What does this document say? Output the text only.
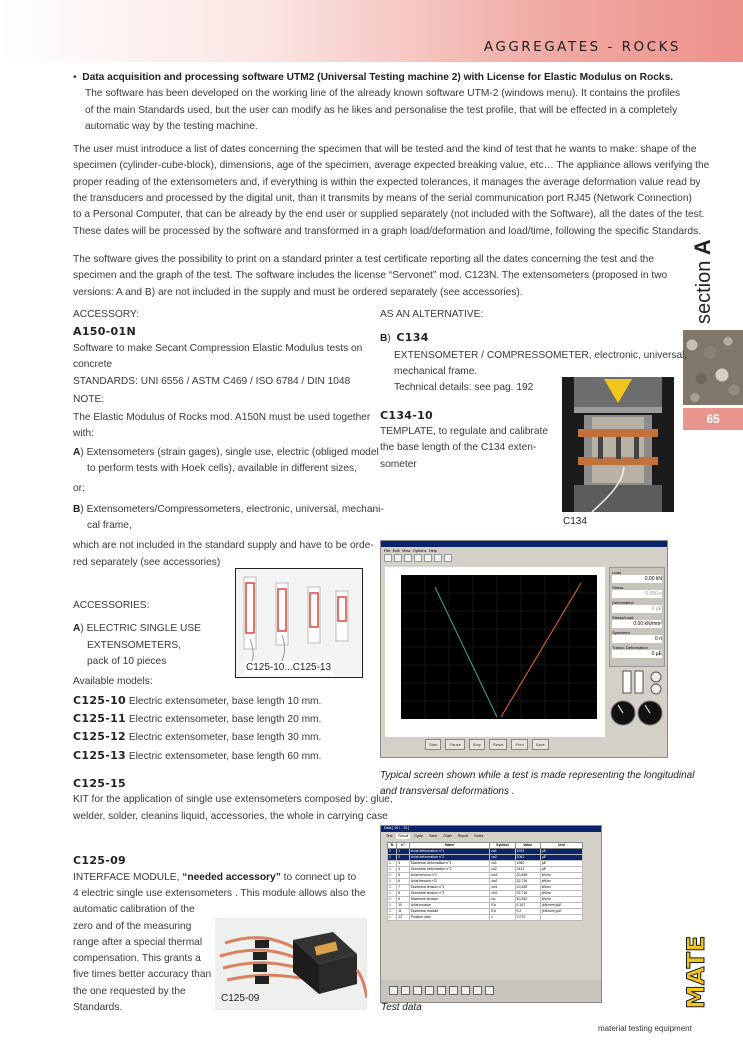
AGGREGATES - ROCKS
• Data acquisition and processing software UTM2 (Universal Testing machine 2) with License for Elastic Modulus on Rocks.
The software has been developed on the working line of the already known software UTM-2 (windows menu). It contains the profiles
of the main Standards used, but the user can modify as he likes and personalise the test profile, that will be effected in a completely
automatic way by the testing machine.
The user must introduce a list of dates concerning the specimen that will be tested and the kind of test that he wants to make: shape of the
specimen (cylinder-cube-block), dimensions, age of the specimen, average expected breaking value, etc… The appliance allows verifying the
proper reading of the extensometers and, if everything is within the expected tolerances, it manages the average deformation value read by
the transducers and processed by the digital unit, than it transmits by means of the serial communication port RJ45 (Network Connection)
to a Personal Computer, that can be already by the end user or supplied separately (not included with the Software), all the dates of the test.
These dates will be processed by the software and transformed in a graph load/deformation and load/time, following the specific Standards.
The software gives the possibility to print on a standard printer a test certificate reporting all the dates concerning the test and the
specimen and the graph of the test. The software includes the license “Servonet” mod. C123N. The extensometers (proposed in two
versions: A and B) are not included in the supply and must be ordered separately (see accessories).	section A
65
ACCESSORY:
A150-01N
Software to make Secant Compression Elastic Modulus tests on
concrete
STANDARDS: UNI 6556 / ASTM C469 / ISO 6784 / DIN 1048
NOTE:
The Elastic Modulus of Rocks mod. A150N must be used together
with:
A) Extensometers (strain gages), single use, electric (obliged model
to perform tests with Hoek cells), available in different sizes,
or:
B) Extensometers/Compressometers, electronic, universal, mechani-
cal frame,
which are not included in the standard supply and have to be orde-
red separately (see accessories)
C125-10...C125-13
ACCESSORIES:
A) ELECTRIC SINGLE USE
EXTENSOMETERS,
pack of 10 pieces
Available models:
C125-10 Electric extensometer, base length 10 mm.
C125-11 Electric extensometer, base length 20 mm.
C125-12 Electric extensometer, base length 30 mm.
C125-13 Electric extensometer, base length 60 mm.
C125-15
KIT for the application of single use extensometers composed by: glue,
welder, solder, cleanins liquid, accessories, the whole in carrying case
C125-09
INTERFACE MODULE, “needed accessory” to connect up to
4 electric single use extensometers . This module allows also the
automatic calibration of the
zero and of the measuring
range after a special thermal
compensation. This grants a
five times better accuracy than
the one requested by the
Standards.
C125-09
AS AN ALTERNATIVE:
B)  C134
EXTENSOMETER / COMPRESSOMETER, electronic, universal,
mechanical frame.
Technical details: see pag. 192
C134-10
TEMPLATE, to regulate and calibrate
the base length of the C134 exten-
someter
C134
File Edit View Options Help
Load
0.00 kN
Stress
0.000 n
Deformation
0 µE
Stress/Load
0.00 kN/mm²
Specimen
0 n
Transv. Deformation
0 µE
Start	Pause	Stop	Reset	Print	Save
Typical screen shown while a test is made representing the longitudinal
and transversal deformations .
Data [ 10 / - 10 ]
Test	Result	Cycle	Sens	Chart	Report	Notes
N	n°	Name	Symbol	Value	Unit
1	1	Axial deformation n°1	εa1	1933	µE
1	2	Axial deformation n°2	εa2	2062	µE
1	3	Diametral deformation n°1	εd1	1960	µE
1	4	Diametral deformation n°2	εd2	2413	µE
1	5	Axial tension n°1	σa1	20,469	kN/m²
1	6	Axial tension n°2	σa2	32,716	kN/m²
1	7	Diametral tension n°1	σd1	20,469	kN/m²
1	8	Diametral tension n°2	σd2	32,716	kN/m²
1	9	Maximum tension	σu	40,932	kN/m²
1	10	Axial module	Ea	0,197	(kN/mm²)/µE
1	11	Diametral module	Ed	0,2	(kN/mm²)/µE
1	12	Poisson ratio	ν	1,070	
Test data	MATEST
material testing equipment
